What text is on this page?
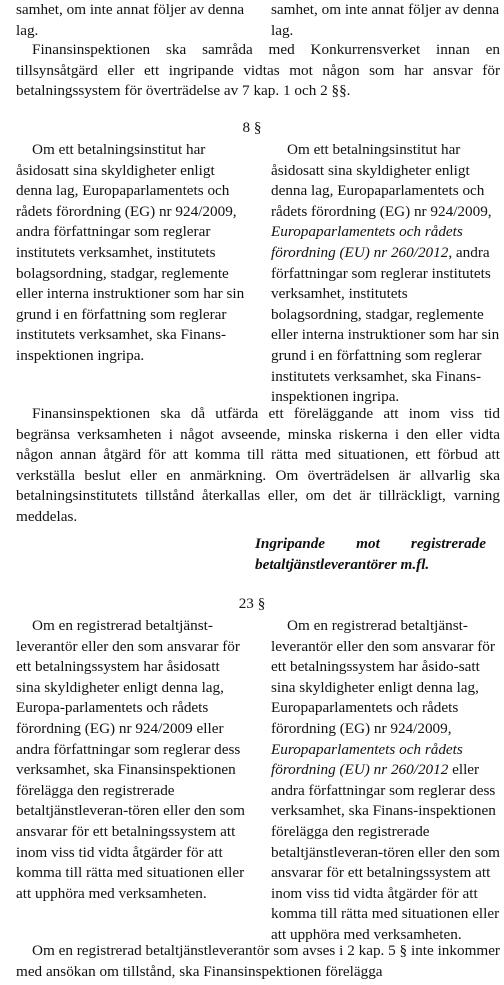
samhet, om inte annat följer av denna lag.

samhet, om inte annat följer av denna lag.

Finansinspektionen ska samråda med Konkurrensverket innan en tillsynsåtgärd eller ett ingripande vidtas mot någon som har ansvar för betalningssystem för överträdelse av 7 kap. 1 och 2 §§.

8 §

Om ett betalningsinstitut har åsidosatt sina skyldigheter enligt denna lag, Europaparlamentets och rådets förordning (EG) nr 924/2009, andra författningar som reglerar institutets verksamhet, institutets bolagsordning, stadgar, reglemente eller interna instruktioner som har sin grund i en författning som reglerar institutets verksamhet, ska Finans-inspektionen ingripa.

Om ett betalningsinstitut har åsidosatt sina skyldigheter enligt denna lag, Europaparlamentets och rådets förordning (EG) nr 924/2009, Europaparlamentets och rådets förordning (EU) nr 260/2012, andra författningar som reglerar institutets verksamhet, institutets bolagsordning, stadgar, reglemente eller interna instruktioner som har sin grund i en författning som reglerar institutets verksamhet, ska Finans-inspektionen ingripa.

Finansinspektionen ska då utfärda ett föreläggande att inom viss tid begränsa verksamheten i något avseende, minska riskerna i den eller vidta någon annan åtgärd för att komma till rätta med situationen, ett förbud att verkställa beslut eller en anmärkning. Om överträdelsen är allvarlig ska betalningsinstitutets tillstånd återkallas eller, om det är tillräckligt, varning meddelas.

Ingripande mot registrerade betaltjänstleverantörer m.fl.
23 §

Om en registrerad betaltjänst-leverantör eller den som ansvarar för ett betalningssystem har åsidosatt sina skyldigheter enligt denna lag, Europa-parlamentets och rådets förordning (EG) nr 924/2009 eller andra författningar som reglerar dess verksamhet, ska Finansinspektionen förelägga den registrerade betaltjänstleveran-tören eller den som ansvarar för ett betalningssystem att inom viss tid vidta åtgärder för att komma till rätta med situationen eller att upphöra med verksamheten.

Om en registrerad betaltjänst-leverantör eller den som ansvarar för ett betalningssystem har åsido-satt sina skyldigheter enligt denna lag, Europaparlamentets och rådets förordning (EG) nr 924/2009, Europaparlamentets och rådets förordning (EU) nr 260/2012 eller andra författningar som reglerar dess verksamhet, ska Finans-inspektionen förelägga den registrerade betaltjänstleveran-tören eller den som ansvarar för ett betalningssystem att inom viss tid vidta åtgärder för att komma till rätta med situationen eller att upphöra med verksamheten.

Om en registrerad betaltjänstleverantör som avses i 2 kap. 5 § inte inkommer med ansökan om tillstånd, ska Finansinspektionen förelägga
